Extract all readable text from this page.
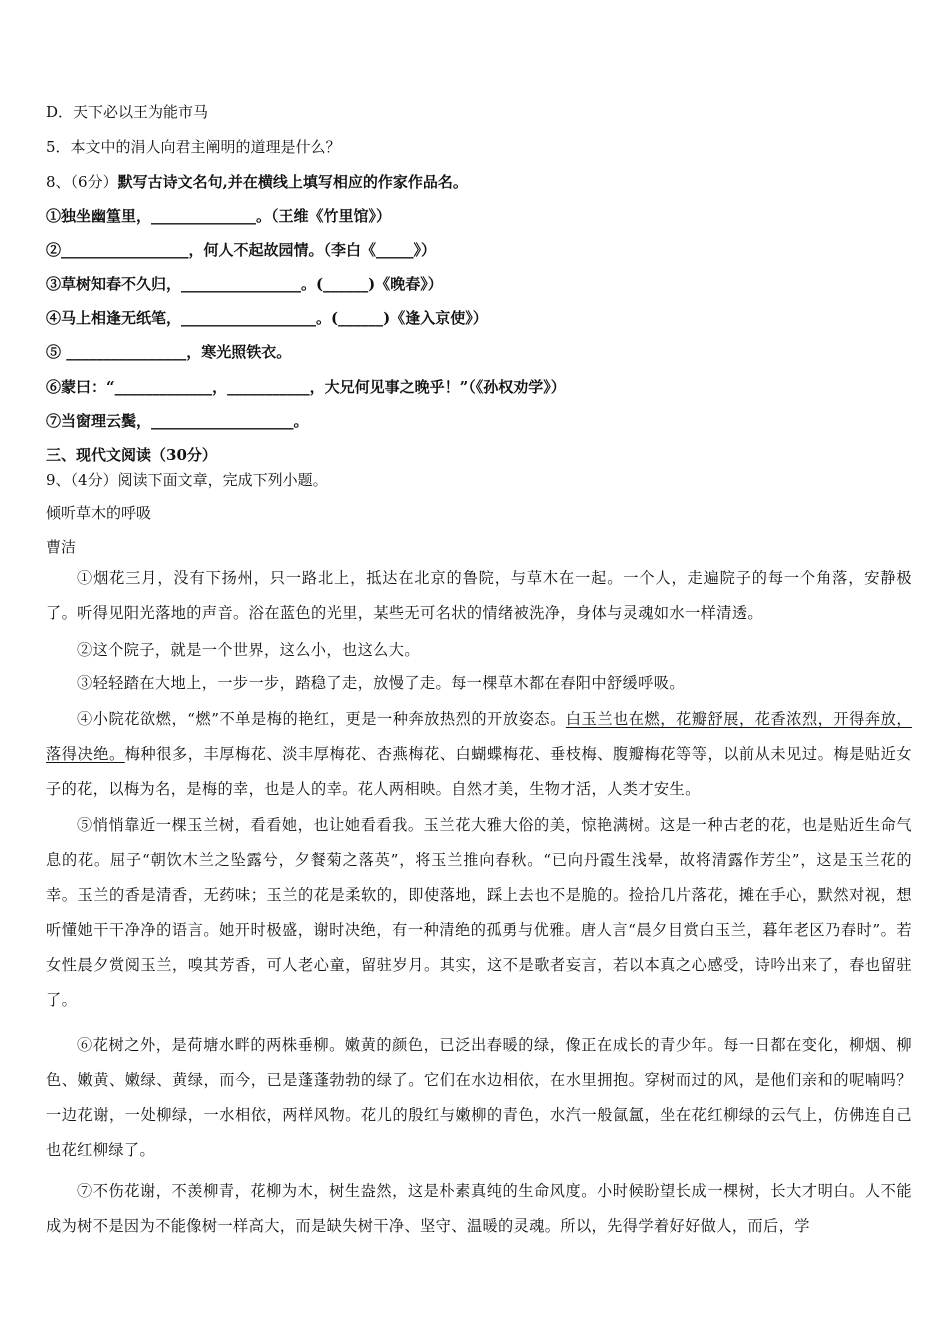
D．天下必以王为能市马
5．本文中的涓人向君主阐明的道理是什么？
8、（6分）默写古诗文名句,并在横线上填写相应的作家作品名。
①独坐幽篁里，______________。（王维《竹里馆》）
②_________________，何人不起故园情。（李白《_____》）
③草树知春不久归，________________。(______)《晚春》）
④马上相逢无纸笔，__________________。(______)《逢入京使》）
⑤ ________________，寒光照铁衣。
⑥蒙曰：“_____________，___________，大兄何见事之晚乎！”（《孙权劝学》）
⑦当窗理云鬓，___________________。
三、现代文阅读（30分）
9、（4分）阅读下面文章，完成下列小题。
倾听草木的呼吸
曹洁
①烟花三月，没有下扬州，只一路北上，抵达在北京的鲁院，与草木在一起。一个人，走遍院子的每一个角落，安静极了。听得见阳光落地的声音。浴在蓝色的光里，某些无可名状的情绪被洗净，身体与灵魂如水一样清透。
②这个院子，就是一个世界，这么小，也这么大。
③轻轻踏在大地上，一步一步，踏稳了走，放慢了走。每一棵草木都在春阳中舒缓呼吸。
④小院花欲燃，“燃”不单是梅的艳红，更是一种奔放热烈的开放姿态。白玉兰也在燃，花瓣舒展，花香浓烈，开得奔放，落得决绝。梅种很多，丰厚梅花、淡丰厚梅花、杏燕梅花、白蝴蝶梅花、垂枝梅、腹瓣梅花等等，以前从未见过。梅是贴近女子的花，以梅为名，是梅的幸，也是人的幸。花人两相映。自然才美，生物才活，人类才安生。
⑤悄悄靠近一棵玉兰树，看看她，也让她看看我。玉兰花大雅大俗的美，惊艳满树。这是一种古老的花，也是贴近生命气息的花。屈子“朝饮木兰之坠露兮，夕餐菊之落英”，将玉兰推向春秋。“已向丹霞生浅晕，故将清露作芳尘”，这是玉兰花的幸。玉兰的香是清香，无药味；玉兰的花是柔软的，即使落地，踩上去也不是脆的。捡拾几片落花，摊在手心，默然对视，想听懂她干干净净的语言。她开时极盛，谢时决绝，有一种清绝的孤勇与优雅。唐人言“晨夕目赏白玉兰，暮年老区乃春时”。若女性晨夕赏阅玉兰，嗅其芳香，可人老心童，留驻岁月。其实，这不是歌者妄言，若以本真之心感受，诗吟出来了，春也留驻了。
⑥花树之外，是荷塘水畔的两株垂柳。嫩黄的颜色，已泛出春暖的绿，像正在成长的青少年。每一日都在变化，柳烟、柳色、嫩黄、嫩绿、黄绿，而今，已是蓬蓬勃勃的绿了。它们在水边相依，在水里拥抱。穿树而过的风，是他们亲和的呢喃吗？一边花谢，一处柳绿，一水相依，两样风物。花儿的殷红与嫩柳的青色，水汽一般氤氲，坐在花红柳绿的云气上，仿佛连自己也花红柳绿了。
⑦不伤花谢，不羡柳青，花柳为木，树生盎然，这是朴素真纯的生命风度。小时候盼望长成一棵树，长大才明白。人不能成为树不是因为不能像树一样高大，而是缺失树干净、坚守、温暖的灵魂。所以，先得学着好好做人，而后，学
